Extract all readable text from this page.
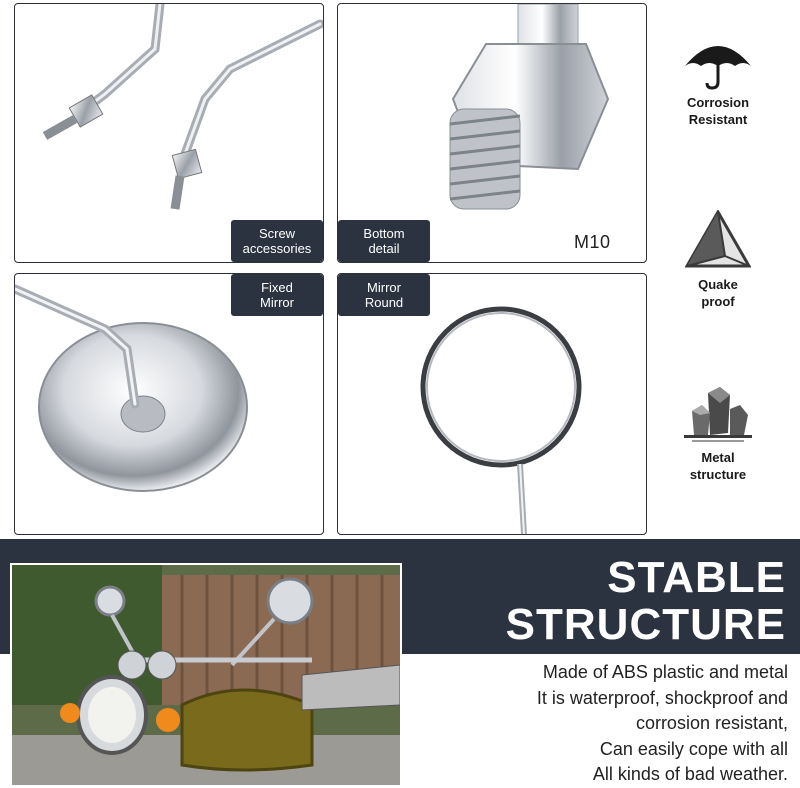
Screw
accessories
Bottom
detail	M10
Fixed
Mirror
Mirror
Round
Corrosion
Resistant
Quake
proof
Metal
structure
STABLE
STRUCTURE
Made of ABS plastic and metal
It is waterproof, shockproof and
corrosion resistant,
Can easily cope with all
All kinds of bad weather.
